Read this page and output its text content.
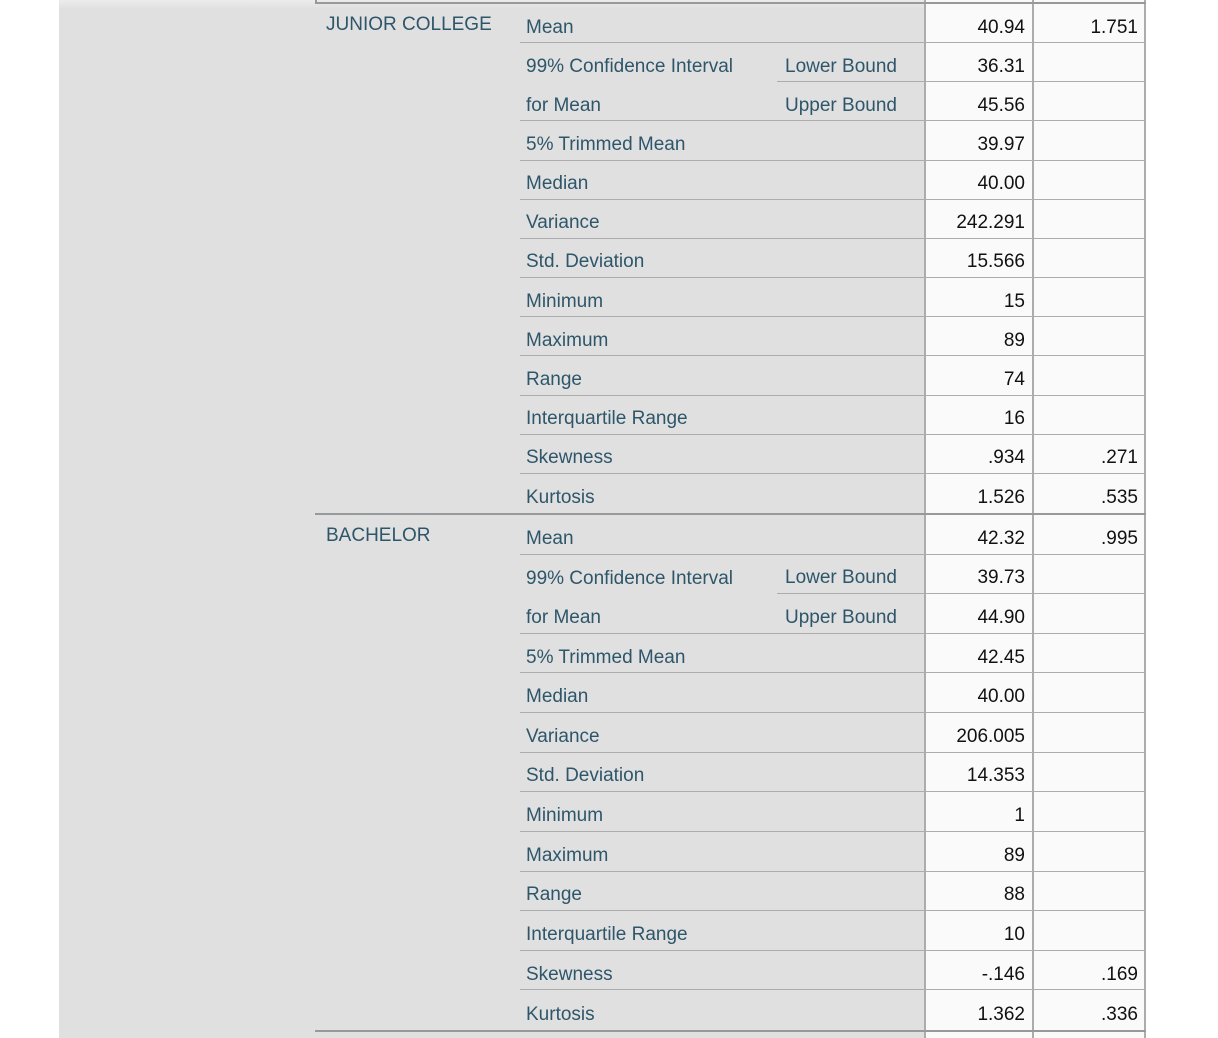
JUNIOR COLLEGE	Mean	40.94	1.751
99% Confidence Interval	Lower Bound	36.31
for Mean	Upper Bound	45.56
5% Trimmed Mean	39.97
Median	40.00
Variance	242.291
Std. Deviation	15.566
Minimum	15
Maximum	89
Range	74
Interquartile Range	16
Skewness	.934	.271
Kurtosis	1.526	.535
BACHELOR	Mean	42.32	.995
99% Confidence Interval	Lower Bound	39.73
for Mean	Upper Bound	44.90
5% Trimmed Mean	42.45
Median	40.00
Variance	206.005
Std. Deviation	14.353
Minimum	1
Maximum	89
Range	88
Interquartile Range	10
Skewness	-.146	.169
Kurtosis	1.362	.336
